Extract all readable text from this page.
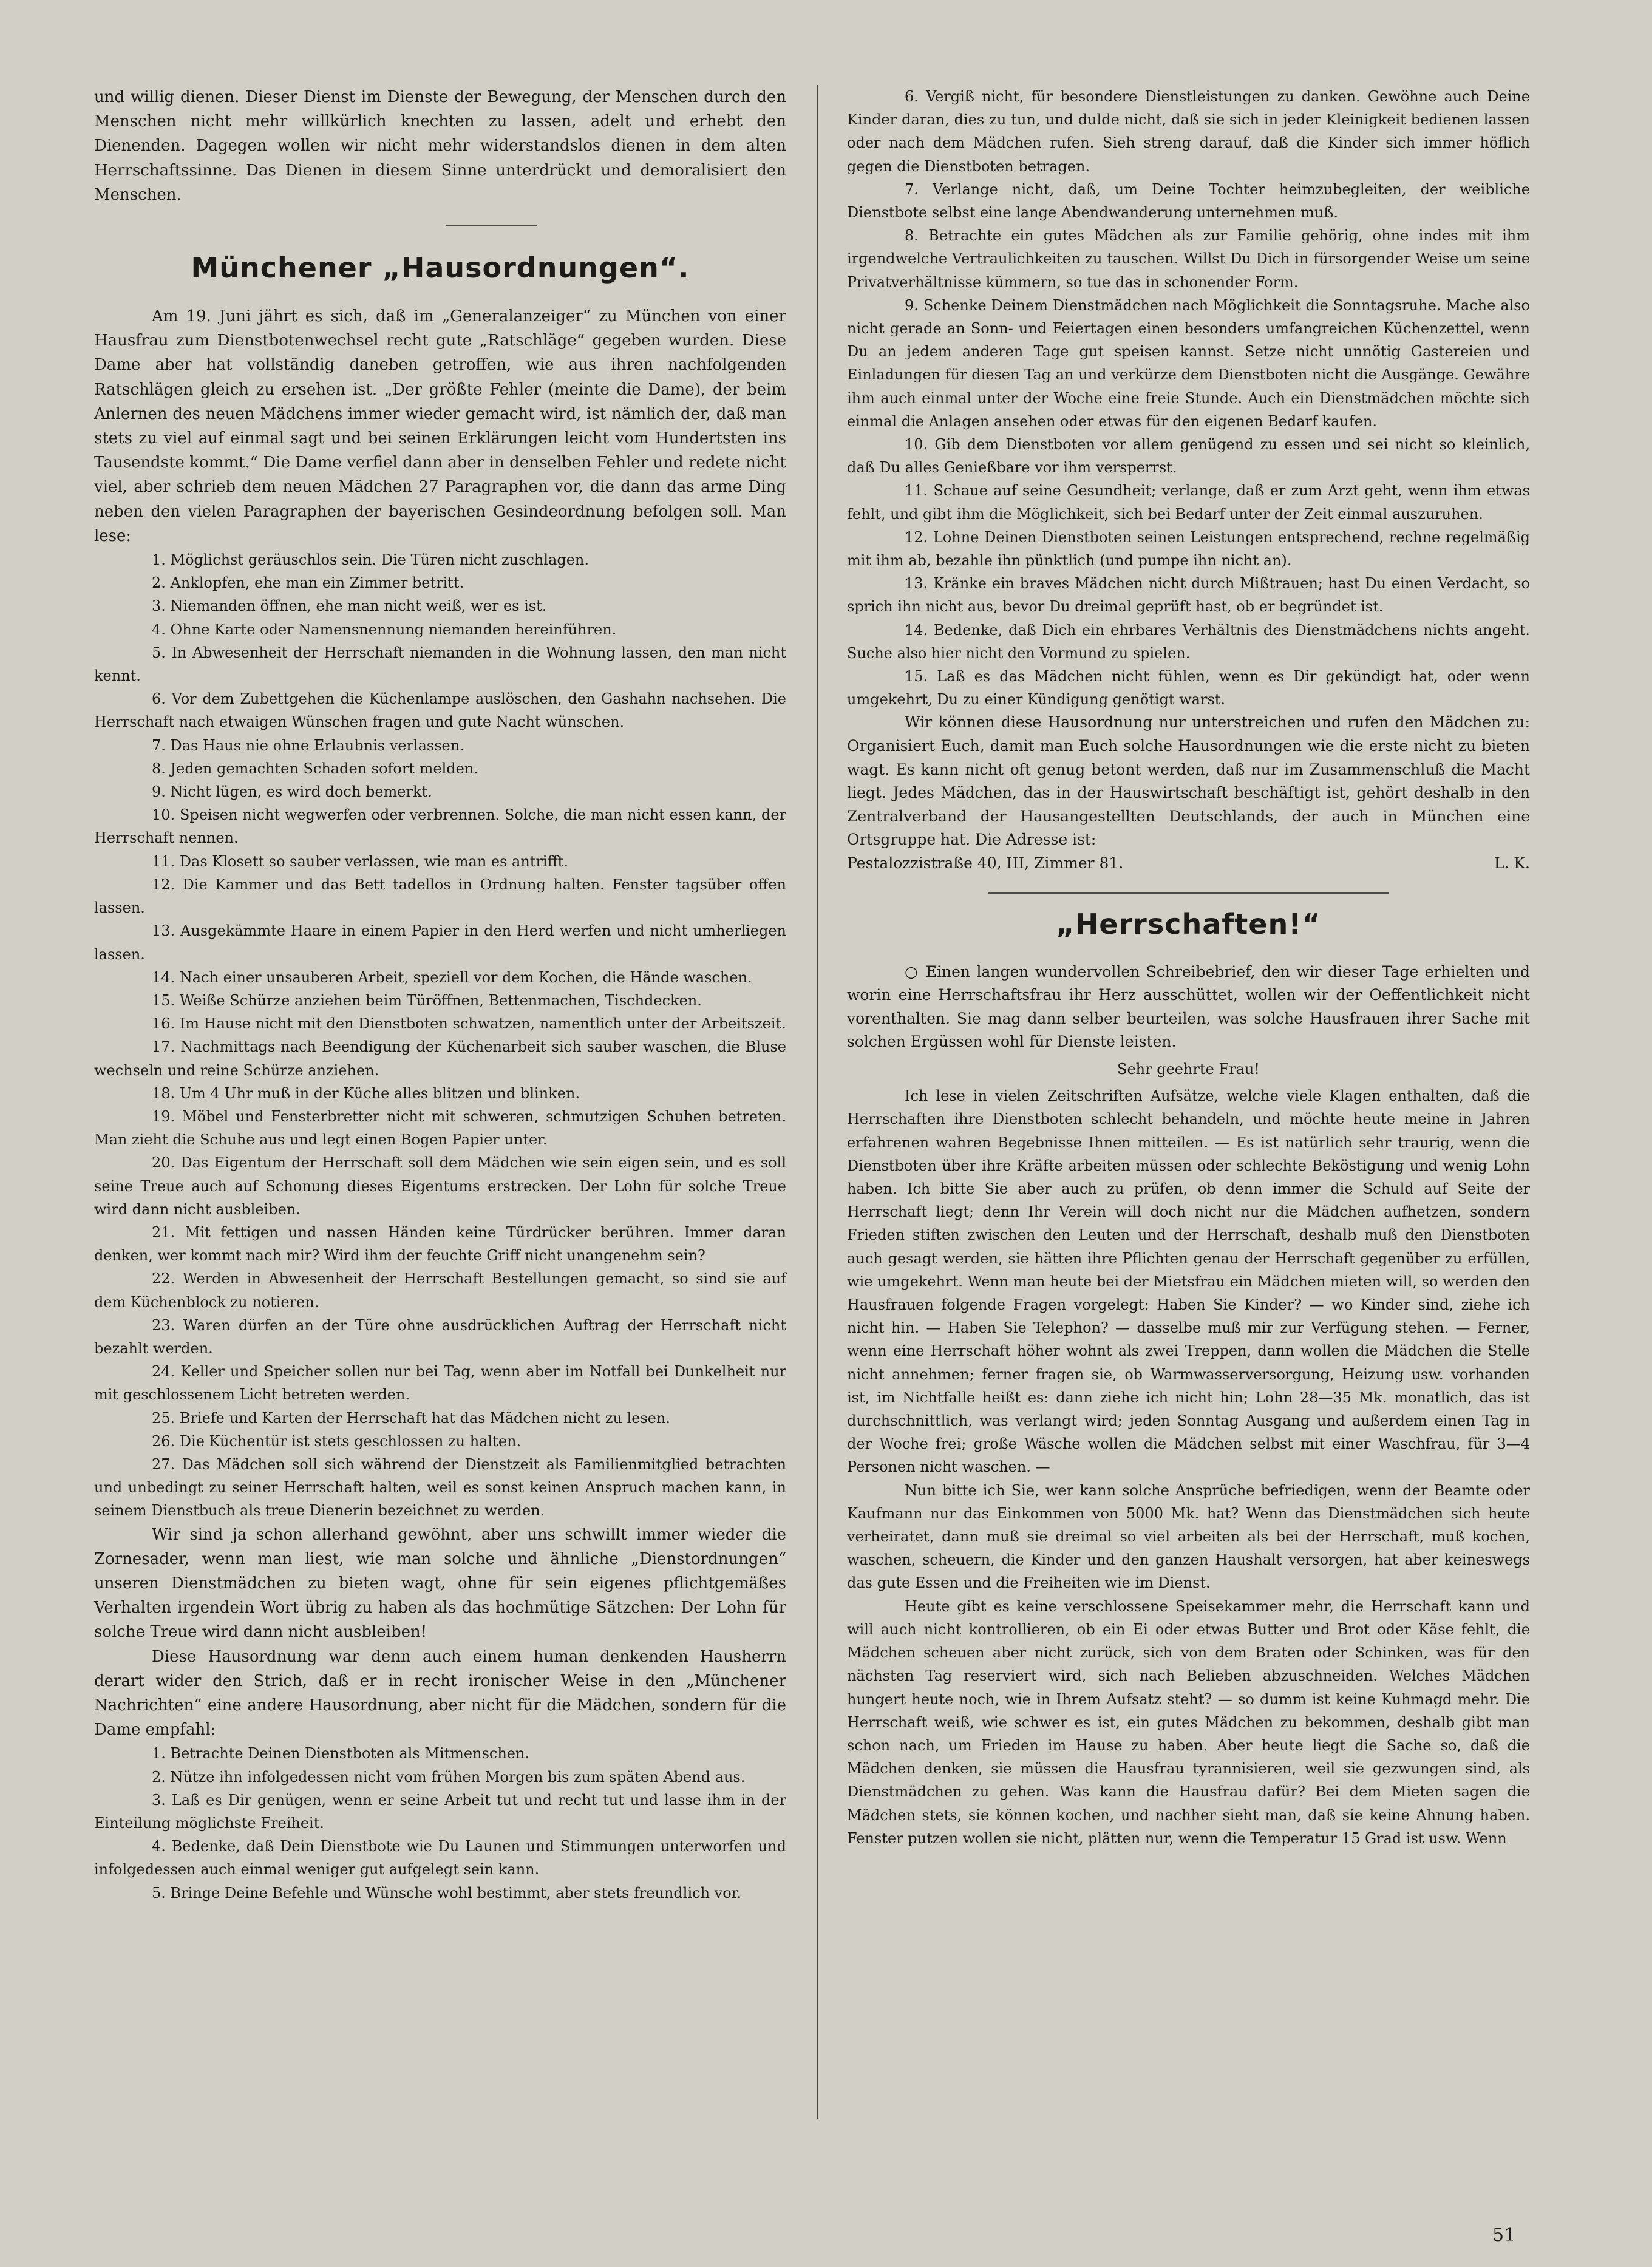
und willig dienen. Dieser Dienst im Dienste der Bewegung, der Menschen durch den Menschen nicht mehr willkürlich knechten zu lassen, adelt und erhebt den Dienenden. Dagegen wollen wir nicht mehr widerstandslos dienen in dem alten Herrschaftssinne. Das Dienen in diesem Sinne unterdrückt und demoralisiert den Menschen.

Münchener „Hausordnungen“.

Am 19. Juni jährt es sich, daß im „Generalanzeiger“ zu München von einer Hausfrau zum Dienstbotenwechsel recht gute „Ratschläge“ gegeben wurden. Diese Dame aber hat vollständig daneben getroffen, wie aus ihren nachfolgenden Ratschlägen gleich zu ersehen ist. „Der größte Fehler (meinte die Dame), der beim Anlernen des neuen Mädchens immer wieder gemacht wird, ist nämlich der, daß man stets zu viel auf einmal sagt und bei seinen Erklärungen leicht vom Hundertsten ins Tausendste kommt.“ Die Dame verfiel dann aber in denselben Fehler und redete nicht viel, aber schrieb dem neuen Mädchen 27 Paragraphen vor, die dann das arme Ding neben den vielen Paragraphen der bayerischen Gesindeordnung befolgen soll. Man lese:

1. Möglichst geräuschlos sein. Die Türen nicht zuschlagen.

2. Anklopfen, ehe man ein Zimmer betritt.

3. Niemanden öffnen, ehe man nicht weiß, wer es ist.

4. Ohne Karte oder Namensnennung niemanden hereinführen.

5. In Abwesenheit der Herrschaft niemanden in die Wohnung lassen, den man nicht kennt.

6. Vor dem Zubettgehen die Küchenlampe auslöschen, den Gashahn nachsehen. Die Herrschaft nach etwaigen Wünschen fragen und gute Nacht wünschen.

7. Das Haus nie ohne Erlaubnis verlassen.

8. Jeden gemachten Schaden sofort melden.

9. Nicht lügen, es wird doch bemerkt.

10. Speisen nicht wegwerfen oder verbrennen. Solche, die man nicht essen kann, der Herrschaft nennen.

11. Das Klosett so sauber verlassen, wie man es antrifft.

12. Die Kammer und das Bett tadellos in Ordnung halten. Fenster tagsüber offen lassen.

13. Ausgekämmte Haare in einem Papier in den Herd werfen und nicht umherliegen lassen.

14. Nach einer unsauberen Arbeit, speziell vor dem Kochen, die Hände waschen.

15. Weiße Schürze anziehen beim Türöffnen, Bettenmachen, Tischdecken.

16. Im Hause nicht mit den Dienstboten schwatzen, namentlich unter der Arbeitszeit.

17. Nachmittags nach Beendigung der Küchenarbeit sich sauber waschen, die Bluse wechseln und reine Schürze anziehen.

18. Um 4 Uhr muß in der Küche alles blitzen und blinken.

19. Möbel und Fensterbretter nicht mit schweren, schmutzigen Schuhen betreten. Man zieht die Schuhe aus und legt einen Bogen Papier unter.

20. Das Eigentum der Herrschaft soll dem Mädchen wie sein eigen sein, und es soll seine Treue auch auf Schonung dieses Eigentums erstrecken. Der Lohn für solche Treue wird dann nicht ausbleiben.

21. Mit fettigen und nassen Händen keine Türdrücker berühren. Immer daran denken, wer kommt nach mir? Wird ihm der feuchte Griff nicht unangenehm sein?

22. Werden in Abwesenheit der Herrschaft Bestellungen gemacht, so sind sie auf dem Küchenblock zu notieren.

23. Waren dürfen an der Türe ohne ausdrücklichen Auftrag der Herrschaft nicht bezahlt werden.

24. Keller und Speicher sollen nur bei Tag, wenn aber im Notfall bei Dunkelheit nur mit geschlossenem Licht betreten werden.

25. Briefe und Karten der Herrschaft hat das Mädchen nicht zu lesen.

26. Die Küchentür ist stets geschlossen zu halten.

27. Das Mädchen soll sich während der Dienstzeit als Familienmitglied betrachten und unbedingt zu seiner Herrschaft halten, weil es sonst keinen Anspruch machen kann, in seinem Dienstbuch als treue Dienerin bezeichnet zu werden.

Wir sind ja schon allerhand gewöhnt, aber uns schwillt immer wieder die Zornesader, wenn man liest, wie man solche und ähnliche „Dienstordnungen“ unseren Dienstmädchen zu bieten wagt, ohne für sein eigenes pflichtgemäßes Verhalten irgendein Wort übrig zu haben als das hochmütige Sätzchen: Der Lohn für solche Treue wird dann nicht ausbleiben!

Diese Hausordnung war denn auch einem human denkenden Hausherrn derart wider den Strich, daß er in recht ironischer Weise in den „Münchener Nachrichten“ eine andere Hausordnung, aber nicht für die Mädchen, sondern für die Dame empfahl:

1. Betrachte Deinen Dienstboten als Mitmenschen.

2. Nütze ihn infolgedessen nicht vom frühen Morgen bis zum späten Abend aus.

3. Laß es Dir genügen, wenn er seine Arbeit tut und recht tut und lasse ihm in der Einteilung möglichste Freiheit.

4. Bedenke, daß Dein Dienstbote wie Du Launen und Stimmungen unterworfen und infolgedessen auch einmal weniger gut aufgelegt sein kann.

5. Bringe Deine Befehle und Wünsche wohl bestimmt, aber stets freundlich vor.

6. Vergiß nicht, für besondere Dienstleistungen zu danken. Gewöhne auch Deine Kinder daran, dies zu tun, und dulde nicht, daß sie sich in jeder Kleinigkeit bedienen lassen oder nach dem Mädchen rufen. Sieh streng darauf, daß die Kinder sich immer höflich gegen die Dienstboten betragen.

7. Verlange nicht, daß, um Deine Tochter heimzubegleiten, der weibliche Dienstbote selbst eine lange Abendwanderung unternehmen muß.

8. Betrachte ein gutes Mädchen als zur Familie gehörig, ohne indes mit ihm irgendwelche Vertraulichkeiten zu tauschen. Willst Du Dich in fürsorgender Weise um seine Privatverhältnisse kümmern, so tue das in schonender Form.

9. Schenke Deinem Dienstmädchen nach Möglichkeit die Sonntagsruhe. Mache also nicht gerade an Sonn- und Feiertagen einen besonders umfangreichen Küchenzettel, wenn Du an jedem anderen Tage gut speisen kannst. Setze nicht unnötig Gastereien und Einladungen für diesen Tag an und verkürze dem Dienstboten nicht die Ausgänge. Gewähre ihm auch einmal unter der Woche eine freie Stunde. Auch ein Dienstmädchen möchte sich einmal die Anlagen ansehen oder etwas für den eigenen Bedarf kaufen.

10. Gib dem Dienstboten vor allem genügend zu essen und sei nicht so kleinlich, daß Du alles Genießbare vor ihm versperrst.

11. Schaue auf seine Gesundheit; verlange, daß er zum Arzt geht, wenn ihm etwas fehlt, und gibt ihm die Möglichkeit, sich bei Bedarf unter der Zeit einmal auszuruhen.

12. Lohne Deinen Dienstboten seinen Leistungen entsprechend, rechne regelmäßig mit ihm ab, bezahle ihn pünktlich (und pumpe ihn nicht an).

13. Kränke ein braves Mädchen nicht durch Mißtrauen; hast Du einen Verdacht, so sprich ihn nicht aus, bevor Du dreimal geprüft hast, ob er begründet ist.

14. Bedenke, daß Dich ein ehrbares Verhältnis des Dienstmädchens nichts angeht. Suche also hier nicht den Vormund zu spielen.

15. Laß es das Mädchen nicht fühlen, wenn es Dir gekündigt hat, oder wenn umgekehrt, Du zu einer Kündigung genötigt warst.

Wir können diese Hausordnung nur unterstreichen und rufen den Mädchen zu: Organisiert Euch, damit man Euch solche Hausordnungen wie die erste nicht zu bieten wagt. Es kann nicht oft genug betont werden, daß nur im Zusammenschluß die Macht liegt. Jedes Mädchen, das in der Hauswirtschaft beschäftigt ist, gehört deshalb in den Zentralverband der Hausangestellten Deutschlands, der auch in München eine Ortsgruppe hat. Die Adresse ist:

Pestalozzistraße 40, III, Zimmer 81.	L. K.
„Herrschaften!“

○ Einen langen wundervollen Schreibebrief, den wir dieser Tage erhielten und worin eine Herrschaftsfrau ihr Herz ausschüttet, wollen wir der Oeffentlichkeit nicht vorenthalten. Sie mag dann selber beurteilen, was solche Hausfrauen ihrer Sache mit solchen Ergüssen wohl für Dienste leisten.

Sehr geehrte Frau!

Ich lese in vielen Zeitschriften Aufsätze, welche viele Klagen enthalten, daß die Herrschaften ihre Dienstboten schlecht behandeln, und möchte heute meine in Jahren erfahrenen wahren Begebnisse Ihnen mitteilen. — Es ist natürlich sehr traurig, wenn die Dienstboten über ihre Kräfte arbeiten müssen oder schlechte Beköstigung und wenig Lohn haben. Ich bitte Sie aber auch zu prüfen, ob denn immer die Schuld auf Seite der Herrschaft liegt; denn Ihr Verein will doch nicht nur die Mädchen aufhetzen, sondern Frieden stiften zwischen den Leuten und der Herrschaft, deshalb muß den Dienstboten auch gesagt werden, sie hätten ihre Pflichten genau der Herrschaft gegenüber zu erfüllen, wie umgekehrt. Wenn man heute bei der Mietsfrau ein Mädchen mieten will, so werden den Hausfrauen folgende Fragen vorgelegt: Haben Sie Kinder? — wo Kinder sind, ziehe ich nicht hin. — Haben Sie Telephon? — dasselbe muß mir zur Verfügung stehen. — Ferner, wenn eine Herrschaft höher wohnt als zwei Treppen, dann wollen die Mädchen die Stelle nicht annehmen; ferner fragen sie, ob Warmwasserversorgung, Heizung usw. vorhanden ist, im Nichtfalle heißt es: dann ziehe ich nicht hin; Lohn 28—35 Mk. monatlich, das ist durchschnittlich, was verlangt wird; jeden Sonntag Ausgang und außerdem einen Tag in der Woche frei; große Wäsche wollen die Mädchen selbst mit einer Waschfrau, für 3—4 Personen nicht waschen. —

Nun bitte ich Sie, wer kann solche Ansprüche befriedigen, wenn der Beamte oder Kaufmann nur das Einkommen von 5000 Mk. hat? Wenn das Dienstmädchen sich heute verheiratet, dann muß sie dreimal so viel arbeiten als bei der Herrschaft, muß kochen, waschen, scheuern, die Kinder und den ganzen Haushalt versorgen, hat aber keineswegs das gute Essen und die Freiheiten wie im Dienst.

Heute gibt es keine verschlossene Speisekammer mehr, die Herrschaft kann und will auch nicht kontrollieren, ob ein Ei oder etwas Butter und Brot oder Käse fehlt, die Mädchen scheuen aber nicht zurück, sich von dem Braten oder Schinken, was für den nächsten Tag reserviert wird, sich nach Belieben abzuschneiden. Welches Mädchen hungert heute noch, wie in Ihrem Aufsatz steht? — so dumm ist keine Kuhmagd mehr. Die Herrschaft weiß, wie schwer es ist, ein gutes Mädchen zu bekommen, deshalb gibt man schon nach, um Frieden im Hause zu haben. Aber heute liegt die Sache so, daß die Mädchen denken, sie müssen die Hausfrau tyrannisieren, weil sie gezwungen sind, als Dienstmädchen zu gehen. Was kann die Hausfrau dafür? Bei dem Mieten sagen die Mädchen stets, sie können kochen, und nachher sieht man, daß sie keine Ahnung haben. Fenster putzen wollen sie nicht, plätten nur, wenn die Temperatur 15 Grad ist usw. Wenn

51
